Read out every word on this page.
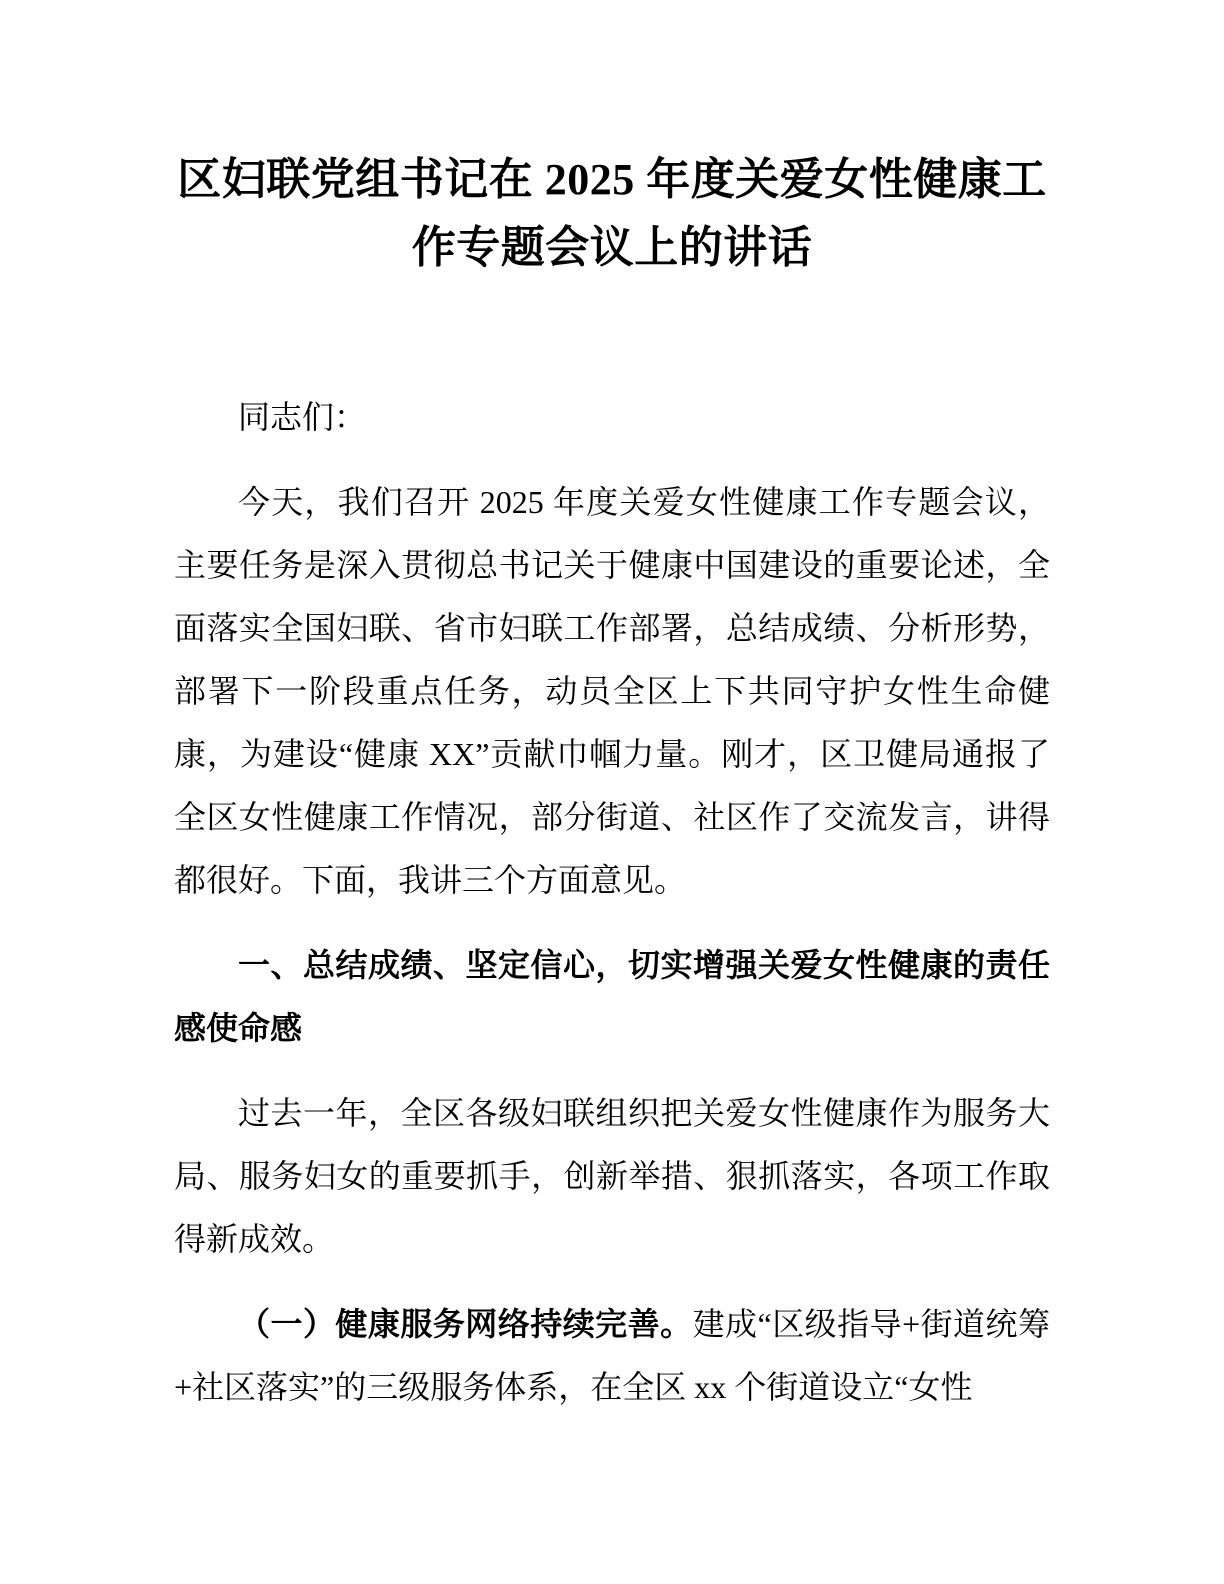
区妇联党组书记在 2025 年度关爱女性健康工
作专题会议上的讲话

同志们：

今天，我们召开 2025 年度关爱女性健康工作专题会议，主要任务是深入贯彻总书记关于健康中国建设的重要论述，全面落实全国妇联、省市妇联工作部署，总结成绩、分析形势，部署下一阶段重点任务，动员全区上下共同守护女性生命健康，为建设“健康 XX”贡献巾帼力量。刚才，区卫健局通报了全区女性健康工作情况，部分街道、社区作了交流发言，讲得都很好。下面，我讲三个方面意见。

一、总结成绩、坚定信心，切实增强关爱女性健康的责任感使命感

过去一年，全区各级妇联组织把关爱女性健康作为服务大局、服务妇女的重要抓手，创新举措、狠抓落实，各项工作取得新成效。

（一）健康服务网络持续完善。建成“区级指导+街道统筹+社区落实”的三级服务体系，在全区 xx 个街道设立“女性
